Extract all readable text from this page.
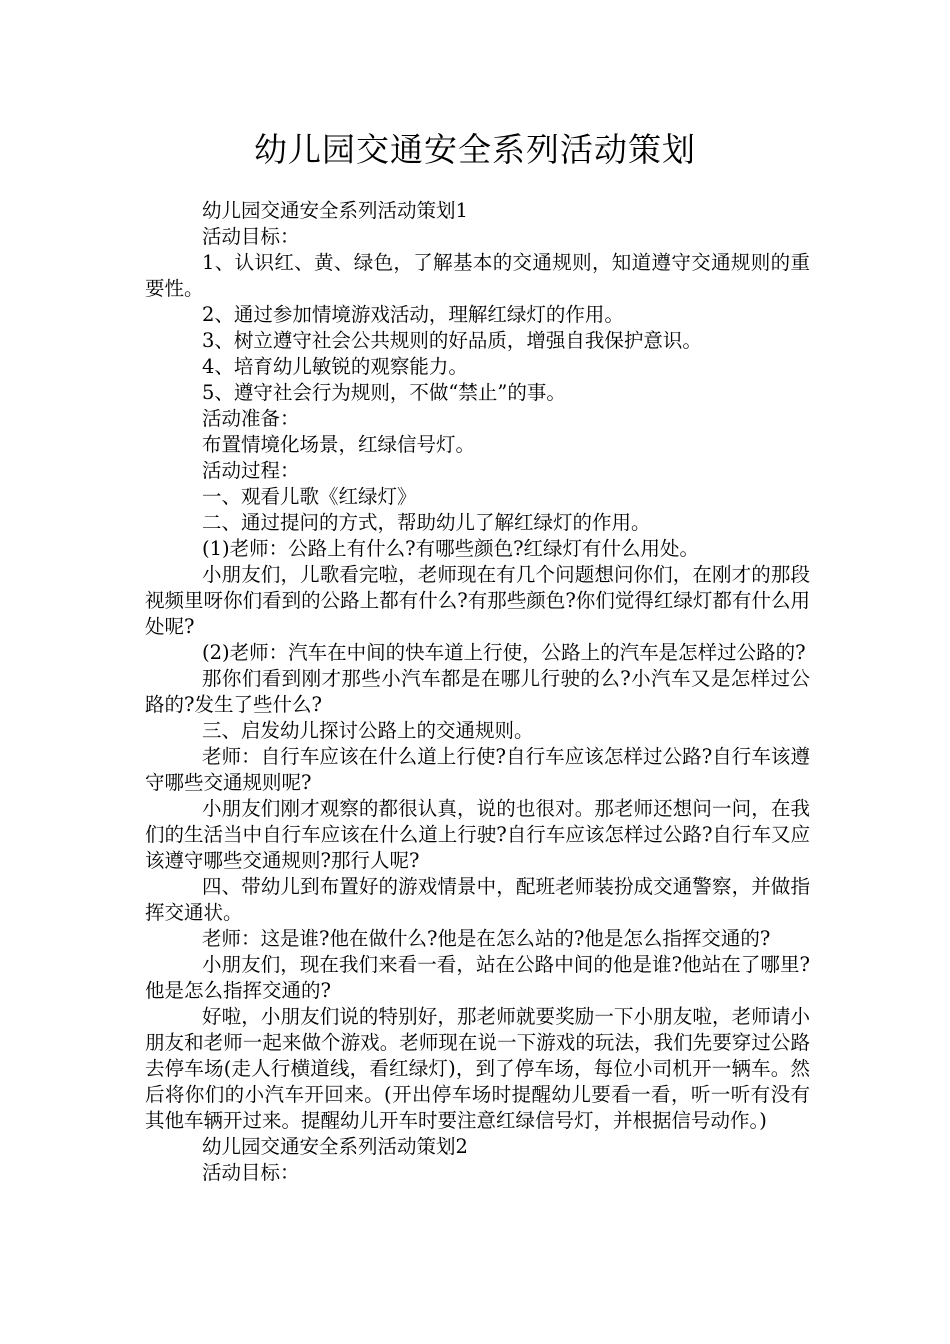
幼儿园交通安全系列活动策划

幼儿园交通安全系列活动策划1

活动目标：

1、认识红、黄、绿色，了解基本的交通规则，知道遵守交通规则的重要性。

2、通过参加情境游戏活动，理解红绿灯的作用。

3、树立遵守社会公共规则的好品质，增强自我保护意识。

4、培育幼儿敏锐的观察能力。

5、遵守社会行为规则，不做“禁止”的事。

活动准备：

布置情境化场景，红绿信号灯。

活动过程：

一、观看儿歌《红绿灯》

二、通过提问的方式，帮助幼儿了解红绿灯的作用。

(1)老师：公路上有什么?有哪些颜色?红绿灯有什么用处。

小朋友们，儿歌看完啦，老师现在有几个问题想问你们，在刚才的那段视频里呀你们看到的公路上都有什么?有那些颜色?你们觉得红绿灯都有什么用处呢?

(2)老师：汽车在中间的快车道上行使，公路上的汽车是怎样过公路的?

那你们看到刚才那些小汽车都是在哪儿行驶的么?小汽车又是怎样过公路的?发生了些什么?

三、启发幼儿探讨公路上的交通规则。

老师：自行车应该在什么道上行使?自行车应该怎样过公路?自行车该遵守哪些交通规则呢?

小朋友们刚才观察的都很认真，说的也很对。那老师还想问一问，在我们的生活当中自行车应该在什么道上行驶?自行车应该怎样过公路?自行车又应该遵守哪些交通规则?那行人呢?

四、带幼儿到布置好的游戏情景中，配班老师装扮成交通警察，并做指挥交通状。

老师：这是谁?他在做什么?他是在怎么站的?他是怎么指挥交通的?

小朋友们，现在我们来看一看，站在公路中间的他是谁?他站在了哪里?他是怎么指挥交通的?

好啦，小朋友们说的特别好，那老师就要奖励一下小朋友啦，老师请小朋友和老师一起来做个游戏。老师现在说一下游戏的玩法，我们先要穿过公路去停车场(走人行横道线，看红绿灯)，到了停车场，每位小司机开一辆车。然后将你们的小汽车开回来。(开出停车场时提醒幼儿要看一看，听一听有没有其他车辆开过来。提醒幼儿开车时要注意红绿信号灯，并根据信号动作。)

幼儿园交通安全系列活动策划2

活动目标：
